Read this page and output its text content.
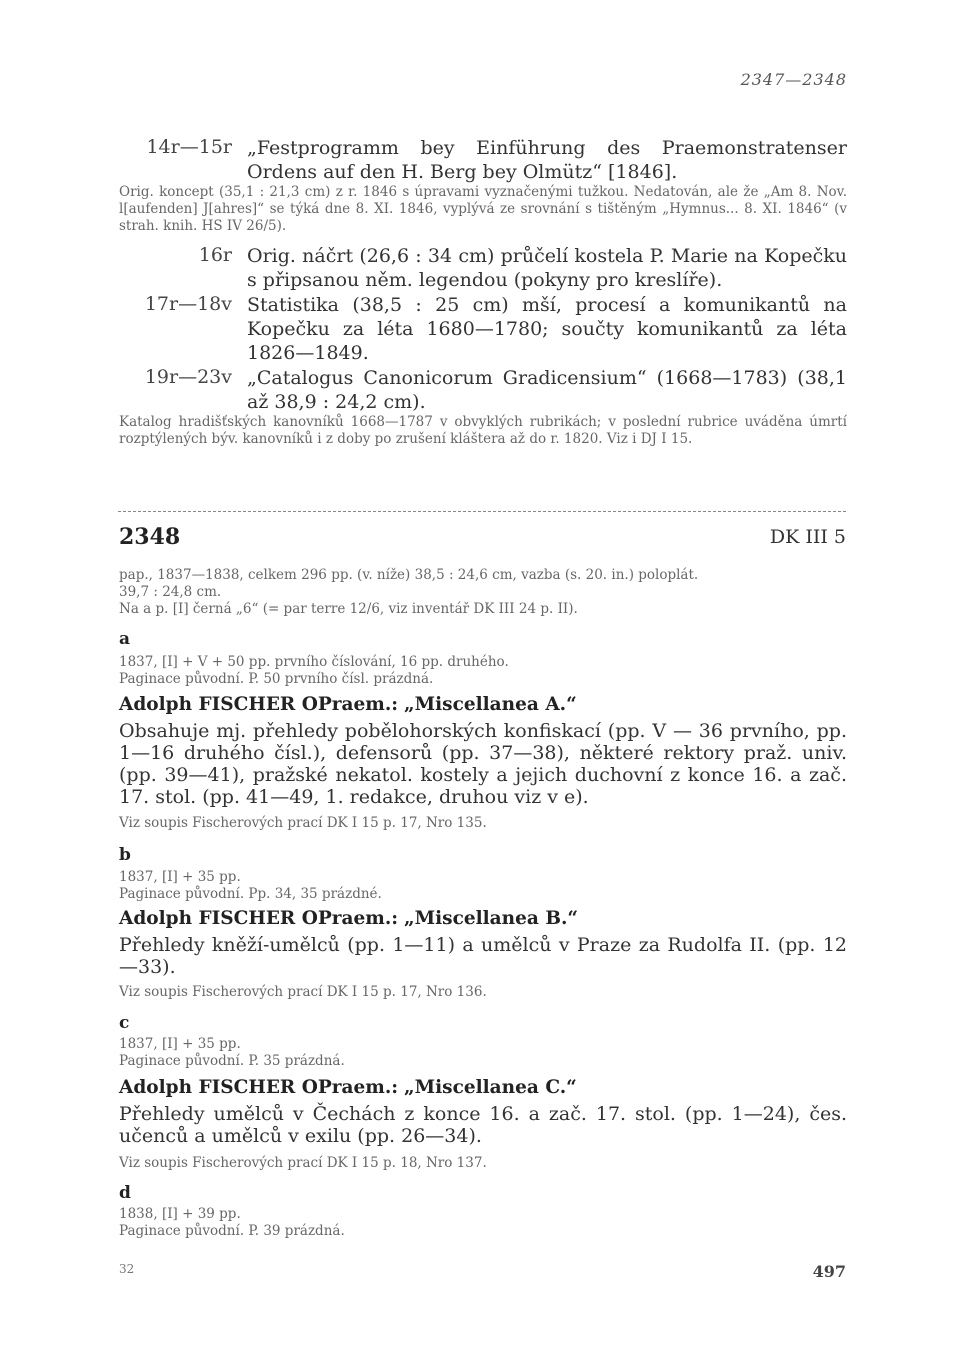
2347—2348
14r—15r „Festprogramm bey Einführung des Praemonstratenser Ordens auf den H. Berg bey Olmütz“ [1846].
Orig. koncept (35,1 : 21,3 cm) z r. 1846 s úpravami vyznačenými tužkou. Nedatován, ale že „Am 8. Nov. l[aufenden] J[ahres]“ se týká dne 8. XI. 1846, vyplývá ze srovnání s tištěným „Hymnus... 8. XI. 1846“ (v strah. knih. HS IV 26/5).
16r Orig. náčrt (26,6 : 34 cm) průčelí kostela P. Marie na Kopečku s připsanou něm. legendou (pokyny pro kreslíře).
17r—18v Statistika (38,5 : 25 cm) mší, procesí a komunikantů na Kopečku za léta 1680—1780; součty komunikantů za léta 1826—1849.
19r—23v „Catalogus Canonicorum Gradicensium“ (1668—1783) (38,1 až 38,9 : 24,2 cm).
Katalog hradišťských kanovníků 1668—1787 v obvyklých rubrikách; v poslední rubrice uváděna úmrtí rozptýlených býv. kanovníků i z doby po zrušení kláštera až do r. 1820. Viz i DJ I 15.
2348	DK III 5
pap., 1837—1838, celkem 296 pp. (v. níže) 38,5 : 24,6 cm, vazba (s. 20. in.) poloplát.
39,7 : 24,8 cm.
Na a p. [I] černá „6“ (= par terre 12/6, viz inventář DK III 24 p. II).
a
1837, [I] + V + 50 pp. prvního číslování, 16 pp. druhého.
Paginace původní. P. 50 prvního čísl. prázdná.
Adolph FISCHER OPraem.: „Miscellanea A.“
Obsahuje mj. přehledy pobělohorských konfiskací (pp. V — 36 prvního, pp. 1—16 druhého čísl.), defensorů (pp. 37—38), některé rektory praž. univ. (pp. 39—41), pražské nekatol. kostely a jejich duchovní z konce 16. a zač. 17. stol. (pp. 41—49, 1. redakce, druhou viz v e).
Viz soupis Fischerových prací DK I 15 p. 17, Nro 135.
b
1837, [I] + 35 pp.
Paginace původní. Pp. 34, 35 prázdné.
Adolph FISCHER OPraem.: „Miscellanea B.“
Přehledy kněží-umělců (pp. 1—11) a umělců v Praze za Rudolfa II. (pp. 12—33).
Viz soupis Fischerových prací DK I 15 p. 17, Nro 136.
c
1837, [I] + 35 pp.
Paginace původní. P. 35 prázdná.
Adolph FISCHER OPraem.: „Miscellanea C.“
Přehledy umělců v Čechách z konce 16. a zač. 17. stol. (pp. 1—24), čes. učenců a umělců v exilu (pp. 26—34).
Viz soupis Fischerových prací DK I 15 p. 18, Nro 137.
d
1838, [I] + 39 pp.
Paginace původní. P. 39 prázdná.
32	497
